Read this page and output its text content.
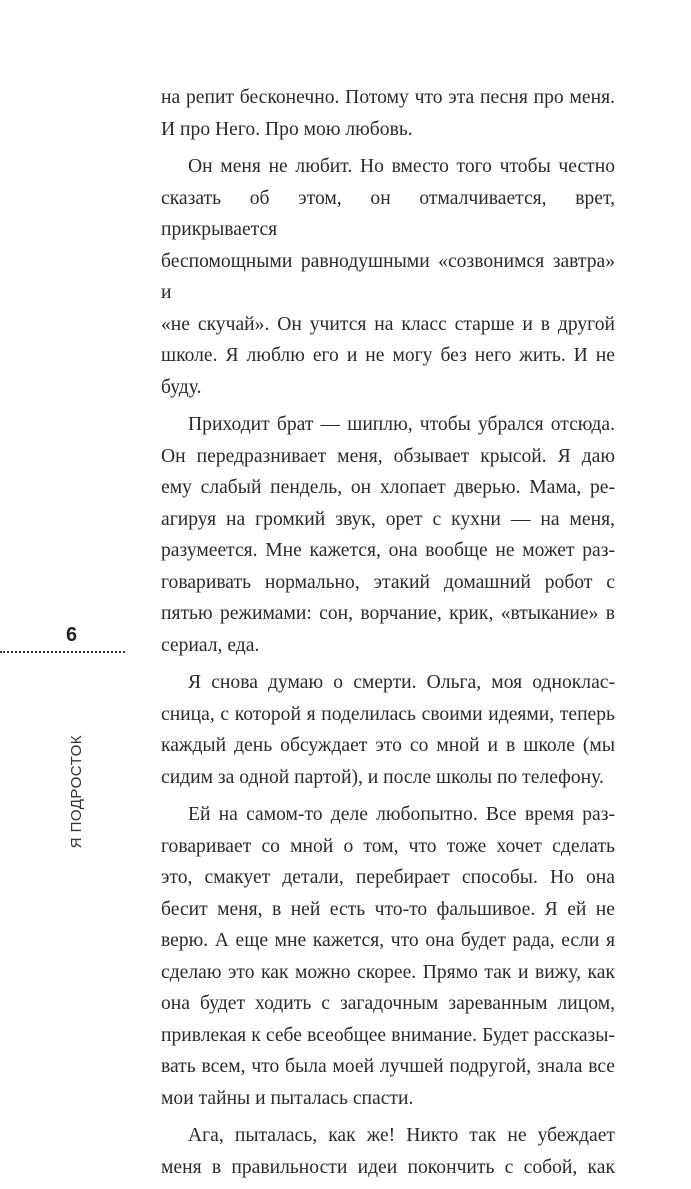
на репит бесконечно. Потому что эта песня про меня.
И про Него. Про мою любовь.

Он меня не любит. Но вместо того чтобы честно
сказать об этом, он отмалчивается, врет, прикрывается
беспомощными равнодушными «созвонимся завтра» и
«не скучай». Он учится на класс старше и в другой
школе. Я люблю его и не могу без него жить. И не
буду.

Приходит брат — шиплю, чтобы убрался отсюда.
Он передразнивает меня, обзывает крысой. Я даю
ему слабый пендель, он хлопает дверью. Мама, ре-
агируя на громкий звук, орет с кухни — на меня,
разумеется. Мне кажется, она вообще не может раз-
говаривать нормально, этакий домашний робот с
пятью режимами: сон, ворчание, крик, «втыкание» в
сериал, еда.

Я снова думаю о смерти. Ольга, моя одноклас-
сница, с которой я поделилась своими идеями, теперь
каждый день обсуждает это со мной и в школе (мы
сидим за одной партой), и после школы по телефону.

Ей на самом-то деле любопытно. Все время раз-
говаривает со мной о том, что тоже хочет сделать
это, смакует детали, перебирает способы. Но она
бесит меня, в ней есть что-то фальшивое. Я ей не
верю. А еще мне кажется, что она будет рада, если я
сделаю это как можно скорее. Прямо так и вижу, как
она будет ходить с загадочным зареванным лицом,
привлекая к себе всеобщее внимание. Будет рассказы-
вать всем, что была моей лучшей подругой, знала все
мои тайны и пыталась спасти.

Ага, пыталась, как же! Никто так не убеждает
меня в правильности идеи покончить с собой, как

6
Я ПОДРОСТОК
